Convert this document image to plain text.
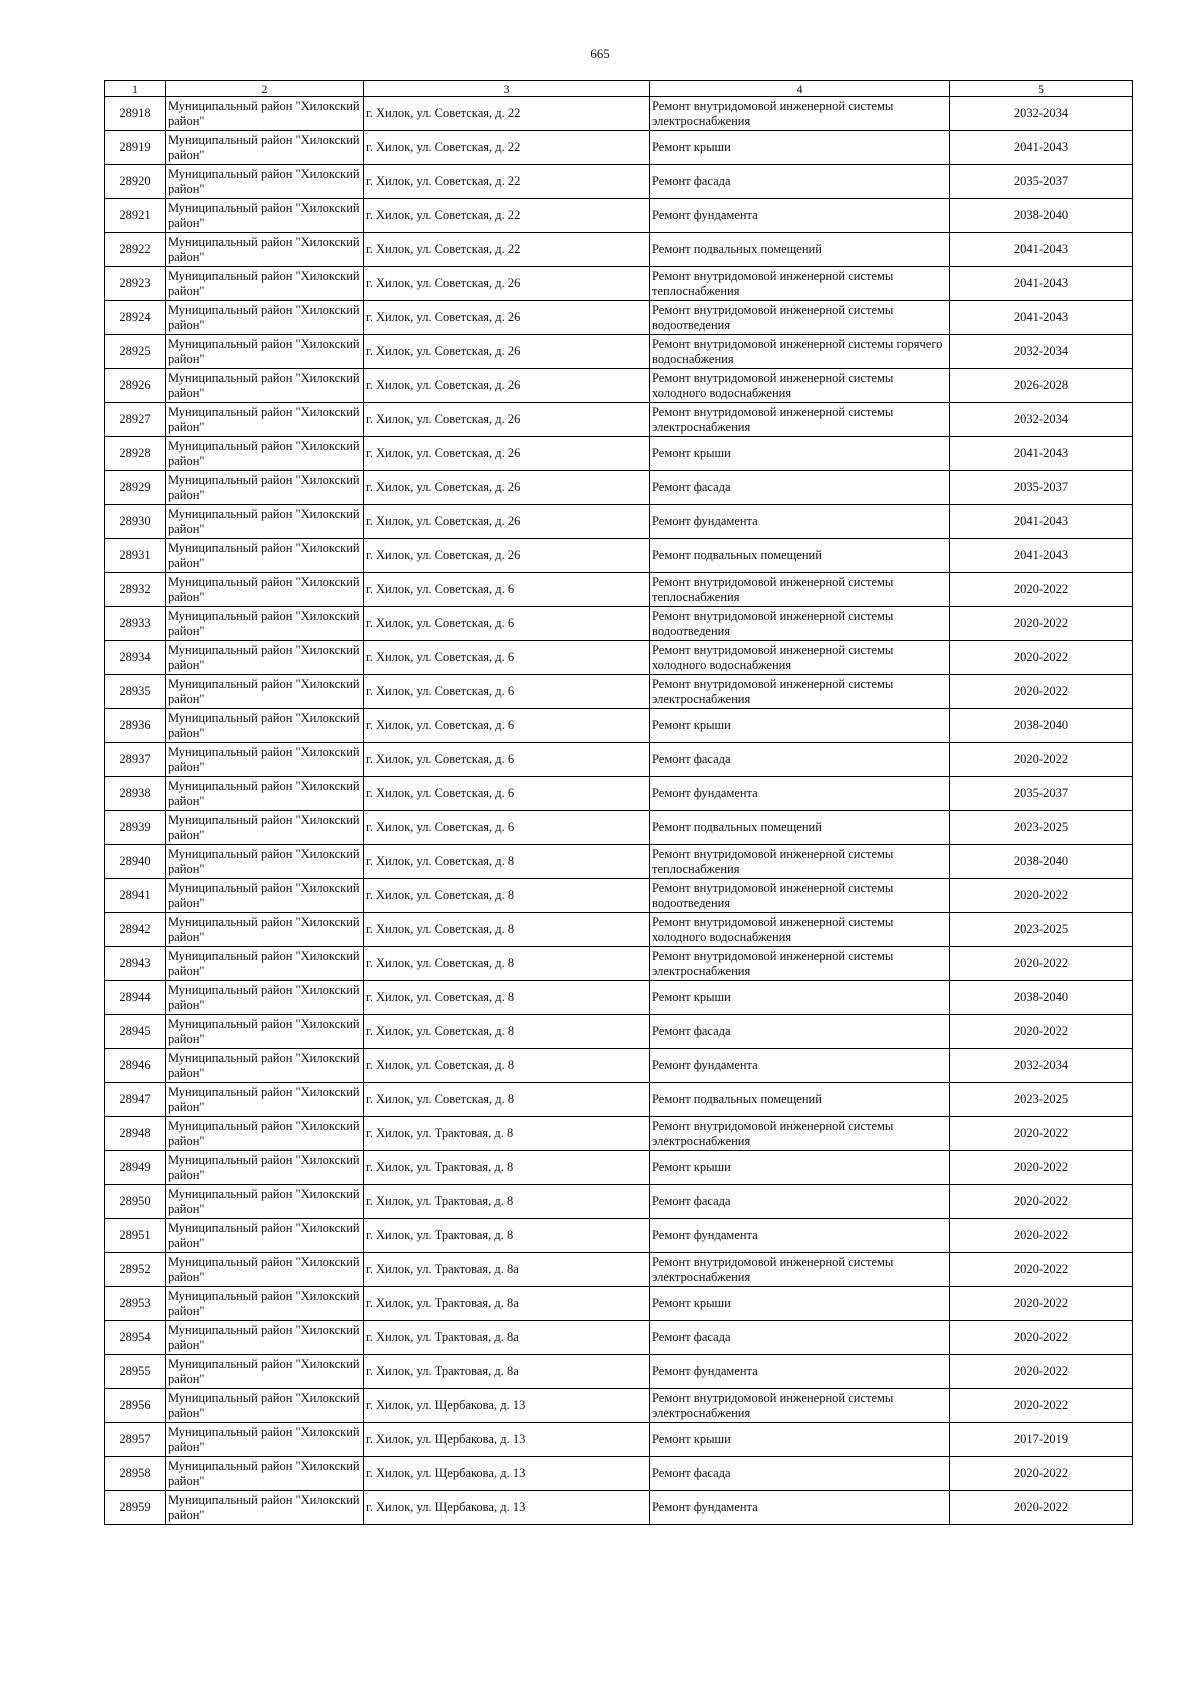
665
1	2	3	4	5
28918	Муниципальный район "Хилокский район"	г. Хилок, ул. Советская, д. 22	Ремонт внутридомовой инженерной системы электроснабжения	2032-2034
28919	Муниципальный район "Хилокский район"	г. Хилок, ул. Советская, д. 22	Ремонт крыши	2041-2043
28920	Муниципальный район "Хилокский район"	г. Хилок, ул. Советская, д. 22	Ремонт фасада	2035-2037
28921	Муниципальный район "Хилокский район"	г. Хилок, ул. Советская, д. 22	Ремонт фундамента	2038-2040
28922	Муниципальный район "Хилокский район"	г. Хилок, ул. Советская, д. 22	Ремонт подвальных помещений	2041-2043
28923	Муниципальный район "Хилокский район"	г. Хилок, ул. Советская, д. 26	Ремонт внутридомовой инженерной системы теплоснабжения	2041-2043
28924	Муниципальный район "Хилокский район"	г. Хилок, ул. Советская, д. 26	Ремонт внутридомовой инженерной системы водоотведения	2041-2043
28925	Муниципальный район "Хилокский район"	г. Хилок, ул. Советская, д. 26	Ремонт внутридомовой инженерной системы горячего водоснабжения	2032-2034
28926	Муниципальный район "Хилокский район"	г. Хилок, ул. Советская, д. 26	Ремонт внутридомовой инженерной системы холодного водоснабжения	2026-2028
28927	Муниципальный район "Хилокский район"	г. Хилок, ул. Советская, д. 26	Ремонт внутридомовой инженерной системы электроснабжения	2032-2034
28928	Муниципальный район "Хилокский район"	г. Хилок, ул. Советская, д. 26	Ремонт крыши	2041-2043
28929	Муниципальный район "Хилокский район"	г. Хилок, ул. Советская, д. 26	Ремонт фасада	2035-2037
28930	Муниципальный район "Хилокский район"	г. Хилок, ул. Советская, д. 26	Ремонт фундамента	2041-2043
28931	Муниципальный район "Хилокский район"	г. Хилок, ул. Советская, д. 26	Ремонт подвальных помещений	2041-2043
28932	Муниципальный район "Хилокский район"	г. Хилок, ул. Советская, д. 6	Ремонт внутридомовой инженерной системы теплоснабжения	2020-2022
28933	Муниципальный район "Хилокский район"	г. Хилок, ул. Советская, д. 6	Ремонт внутридомовой инженерной системы водоотведения	2020-2022
28934	Муниципальный район "Хилокский район"	г. Хилок, ул. Советская, д. 6	Ремонт внутридомовой инженерной системы холодного водоснабжения	2020-2022
28935	Муниципальный район "Хилокский район"	г. Хилок, ул. Советская, д. 6	Ремонт внутридомовой инженерной системы электроснабжения	2020-2022
28936	Муниципальный район "Хилокский район"	г. Хилок, ул. Советская, д. 6	Ремонт крыши	2038-2040
28937	Муниципальный район "Хилокский район"	г. Хилок, ул. Советская, д. 6	Ремонт фасада	2020-2022
28938	Муниципальный район "Хилокский район"	г. Хилок, ул. Советская, д. 6	Ремонт фундамента	2035-2037
28939	Муниципальный район "Хилокский район"	г. Хилок, ул. Советская, д. 6	Ремонт подвальных помещений	2023-2025
28940	Муниципальный район "Хилокский район"	г. Хилок, ул. Советская, д. 8	Ремонт внутридомовой инженерной системы теплоснабжения	2038-2040
28941	Муниципальный район "Хилокский район"	г. Хилок, ул. Советская, д. 8	Ремонт внутридомовой инженерной системы водоотведения	2020-2022
28942	Муниципальный район "Хилокский район"	г. Хилок, ул. Советская, д. 8	Ремонт внутридомовой инженерной системы холодного водоснабжения	2023-2025
28943	Муниципальный район "Хилокский район"	г. Хилок, ул. Советская, д. 8	Ремонт внутридомовой инженерной системы электроснабжения	2020-2022
28944	Муниципальный район "Хилокский район"	г. Хилок, ул. Советская, д. 8	Ремонт крыши	2038-2040
28945	Муниципальный район "Хилокский район"	г. Хилок, ул. Советская, д. 8	Ремонт фасада	2020-2022
28946	Муниципальный район "Хилокский район"	г. Хилок, ул. Советская, д. 8	Ремонт фундамента	2032-2034
28947	Муниципальный район "Хилокский район"	г. Хилок, ул. Советская, д. 8	Ремонт подвальных помещений	2023-2025
28948	Муниципальный район "Хилокский район"	г. Хилок, ул. Трактовая, д. 8	Ремонт внутридомовой инженерной системы электроснабжения	2020-2022
28949	Муниципальный район "Хилокский район"	г. Хилок, ул. Трактовая, д. 8	Ремонт крыши	2020-2022
28950	Муниципальный район "Хилокский район"	г. Хилок, ул. Трактовая, д. 8	Ремонт фасада	2020-2022
28951	Муниципальный район "Хилокский район"	г. Хилок, ул. Трактовая, д. 8	Ремонт фундамента	2020-2022
28952	Муниципальный район "Хилокский район"	г. Хилок, ул. Трактовая, д. 8а	Ремонт внутридомовой инженерной системы электроснабжения	2020-2022
28953	Муниципальный район "Хилокский район"	г. Хилок, ул. Трактовая, д. 8а	Ремонт крыши	2020-2022
28954	Муниципальный район "Хилокский район"	г. Хилок, ул. Трактовая, д. 8а	Ремонт фасада	2020-2022
28955	Муниципальный район "Хилокский район"	г. Хилок, ул. Трактовая, д. 8а	Ремонт фундамента	2020-2022
28956	Муниципальный район "Хилокский район"	г. Хилок, ул. Щербакова, д. 13	Ремонт внутридомовой инженерной системы электроснабжения	2020-2022
28957	Муниципальный район "Хилокский район"	г. Хилок, ул. Щербакова, д. 13	Ремонт крыши	2017-2019
28958	Муниципальный район "Хилокский район"	г. Хилок, ул. Щербакова, д. 13	Ремонт фасада	2020-2022
28959	Муниципальный район "Хилокский район"	г. Хилок, ул. Щербакова, д. 13	Ремонт фундамента	2020-2022
